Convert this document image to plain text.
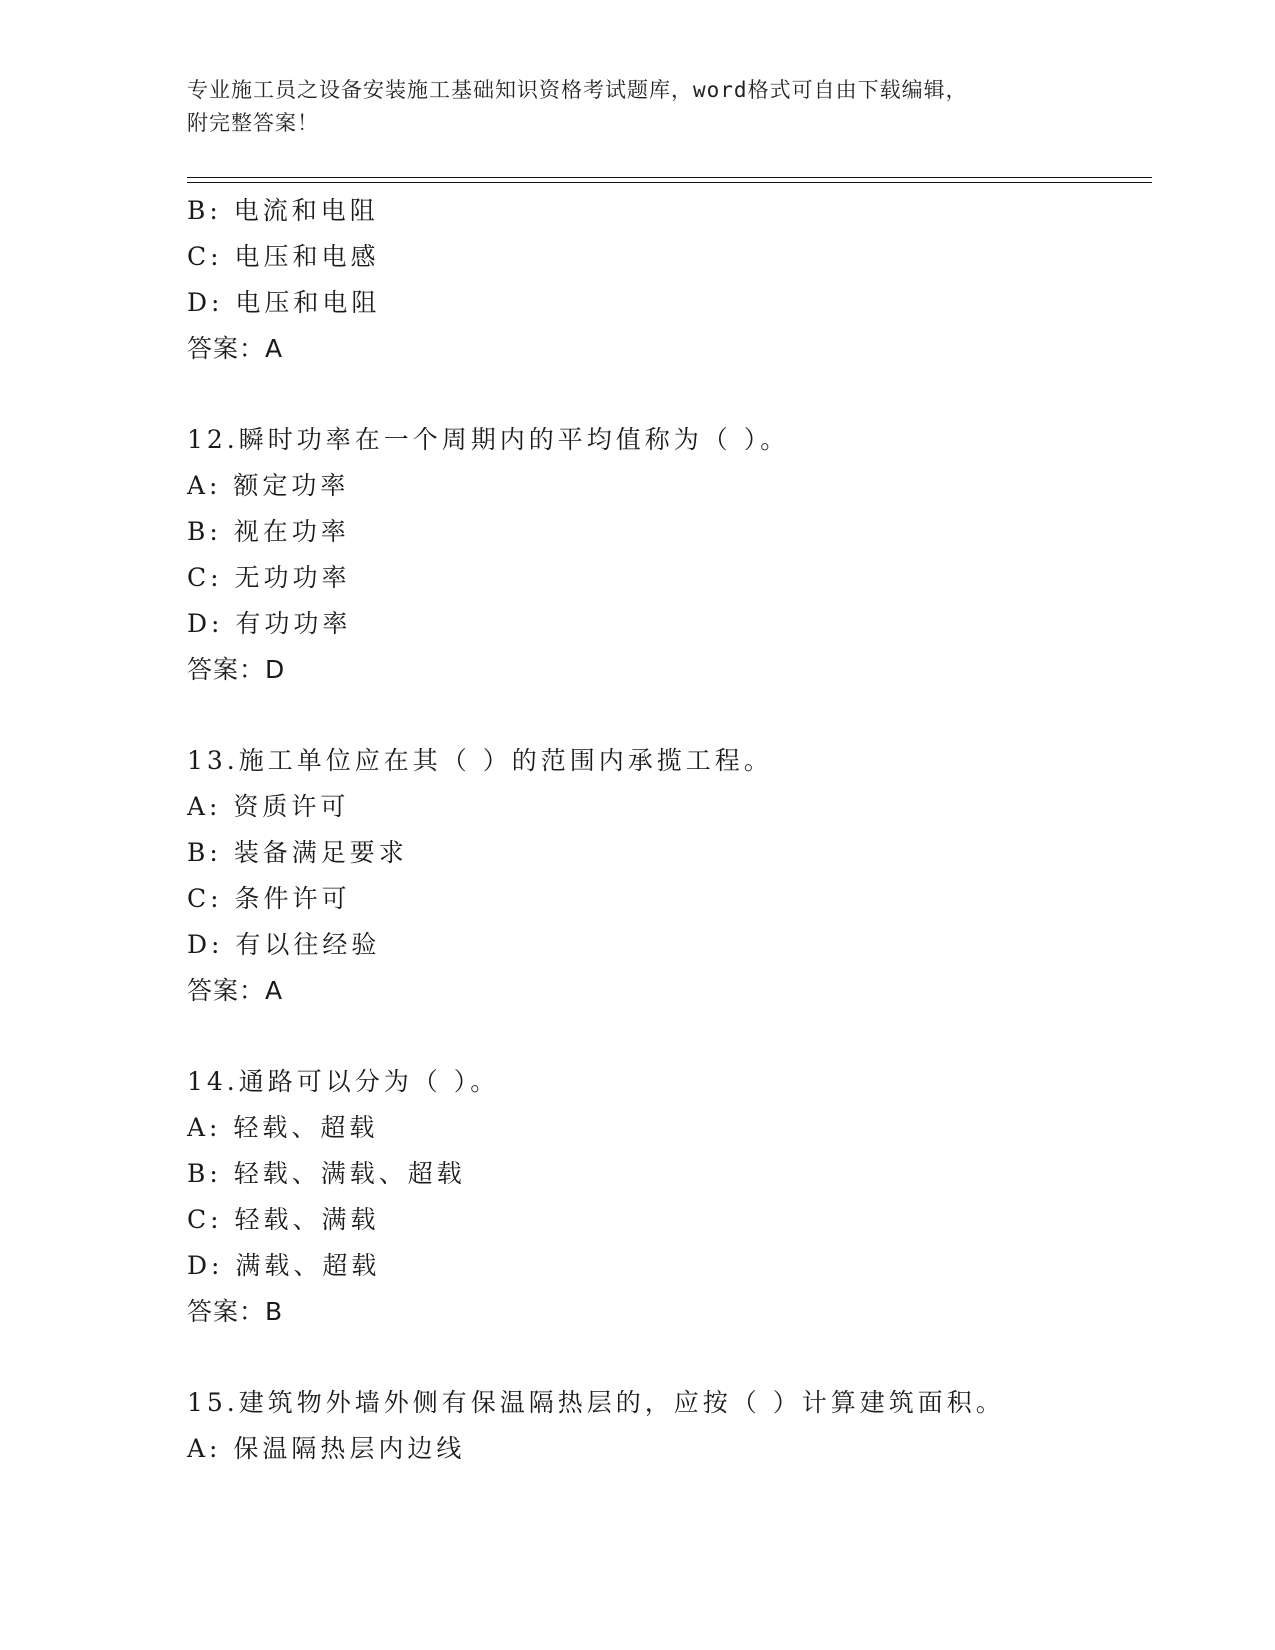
专业施工员之设备安装施工基础知识资格考试题库，word格式可自由下载编辑，
附完整答案！
B: 电流和电阻
C: 电压和电感
D: 电压和电阻
答案：A
12.瞬时功率在一个周期内的平均值称为（ ）。
A: 额定功率
B: 视在功率
C: 无功功率
D: 有功功率
答案：D
13.施工单位应在其（ ）的范围内承揽工程。
A: 资质许可
B: 装备满足要求
C: 条件许可
D: 有以往经验
答案：A
14.通路可以分为（ ）。
A: 轻载、超载
B: 轻载、满载、超载
C: 轻载、满载
D: 满载、超载
答案：B
15.建筑物外墙外侧有保温隔热层的，应按（ ）计算建筑面积。
A: 保温隔热层内边线
